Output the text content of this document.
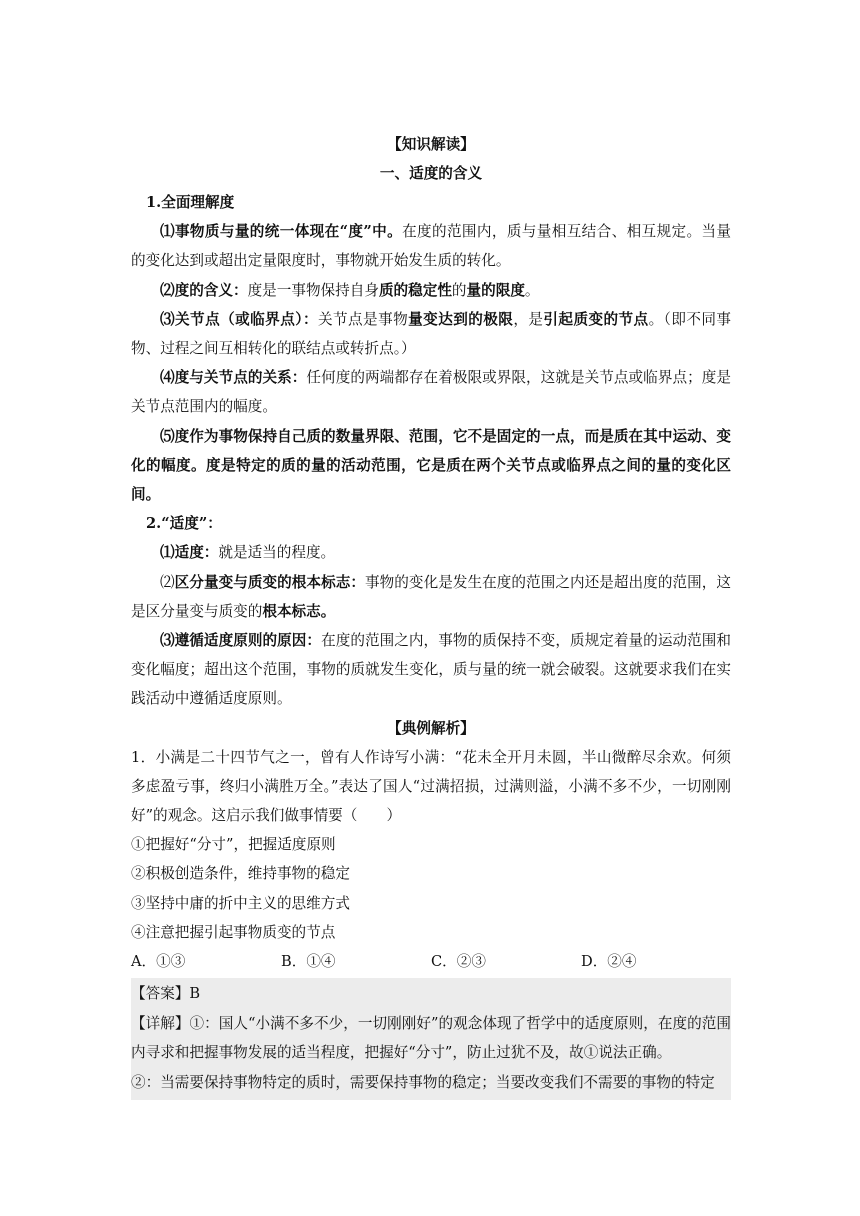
【知识解读】
一、适度的含义

1.全面理解度

⑴事物质与量的统一体现在“度”中。在度的范围内，质与量相互结合、相互规定。当量的变化达到或超出定量限度时，事物就开始发生质的转化。

⑵度的含义：度是一事物保持自身质的稳定性的量的限度。

⑶关节点（或临界点）：关节点是事物量变达到的极限，是引起质变的节点。（即不同事物、过程之间互相转化的联结点或转折点。）

⑷度与关节点的关系：任何度的两端都存在着极限或界限，这就是关节点或临界点；度是关节点范围内的幅度。

⑸度作为事物保持自己质的数量界限、范围，它不是固定的一点，而是质在其中运动、变化的幅度。度是特定的质的量的活动范围，它是质在两个关节点或临界点之间的量的变化区间。

2.“适度”：

⑴适度：就是适当的程度。

⑵区分量变与质变的根本标志：事物的变化是发生在度的范围之内还是超出度的范围，这是区分量变与质变的根本标志。

⑶遵循适度原则的原因：在度的范围之内，事物的质保持不变，质规定着量的运动范围和变化幅度；超出这个范围，事物的质就发生变化，质与量的统一就会破裂。这就要求我们在实践活动中遵循适度原则。

【典例解析】

1．小满是二十四节气之一，曾有人作诗写小满：“花未全开月未圆，半山微醉尽余欢。何须多虑盈亏事，终归小满胜万全。”表达了国人“过满招损，过满则溢，小满不多不少，一切刚刚好”的观念。这启示我们做事情要（　　）

①把握好“分寸”，把握适度原则

②积极创造条件，维持事物的稳定

③坚持中庸的折中主义的思维方式

④注意把握引起事物质变的节点

A．①③	B．①④	C．②③	D．②④

【答案】B

【详解】①：国人“小满不多不少，一切刚刚好”的观念体现了哲学中的适度原则，在度的范围内寻求和把握事物发展的适当程度，把握好“分寸”，防止过犹不及，故①说法正确。

②：当需要保持事物特定的质时，需要保持事物的稳定；当要改变我们不需要的事物的特定
